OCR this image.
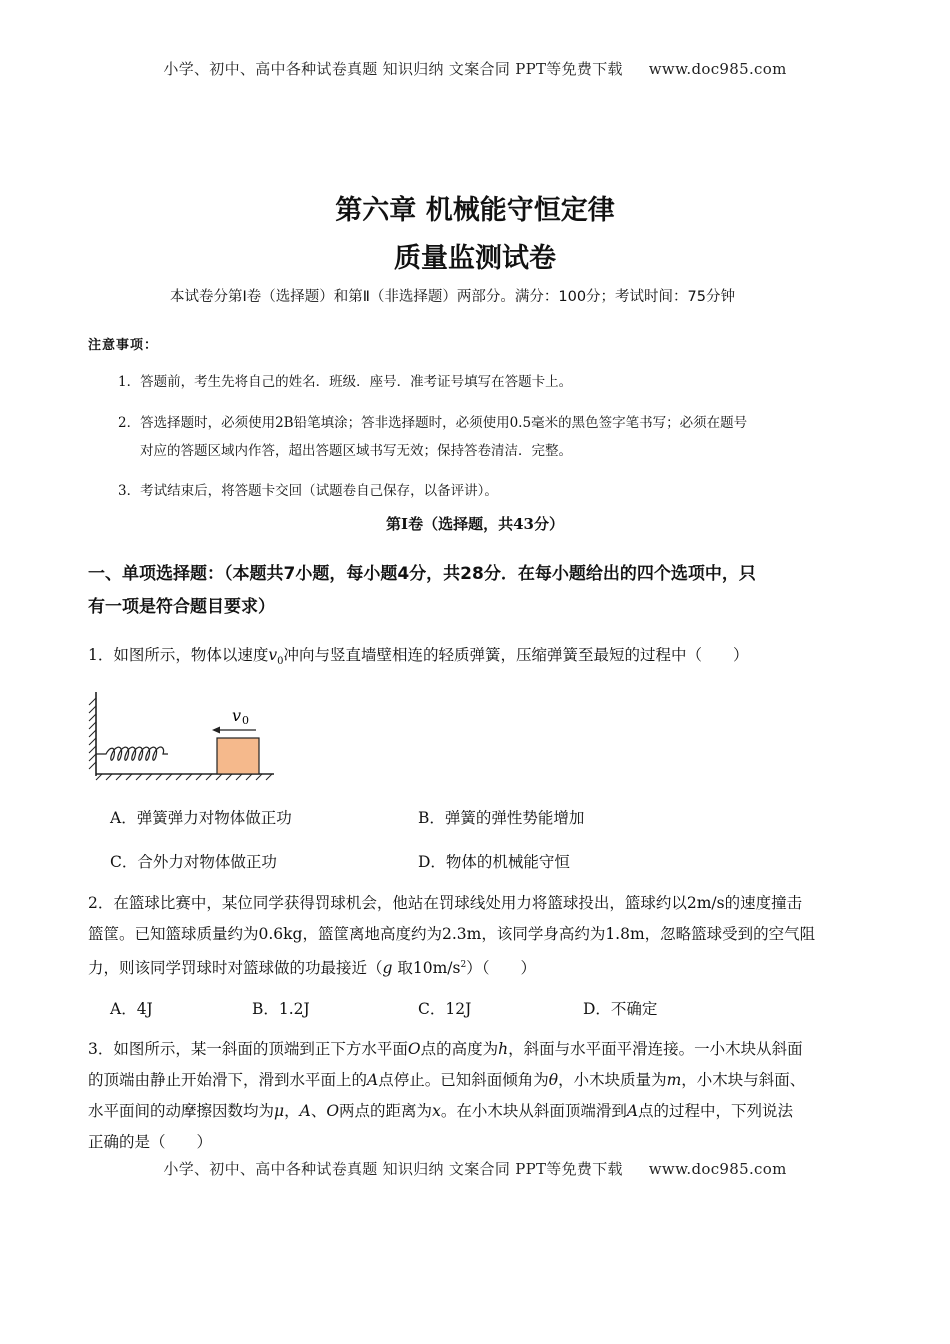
小学、初中、高中各种试卷真题 知识归纳 文案合同 PPT等免费下载 www.doc985.com
第六章 机械能守恒定律
质量监测试卷
本试卷分第Ⅰ卷（选择题）和第Ⅱ（非选择题）两部分。满分：100分；考试时间：75分钟
注意事项：
1．答题前，考生先将自己的姓名．班级．座号．准考证号填写在答题卡上。
2．答选择题时，必须使用2B铅笔填涂；答非选择题时，必须使用0.5毫米的黑色签字笔书写；必须在题号
对应的答题区域内作答，超出答题区域书写无效；保持答卷清洁．完整。
3．考试结束后，将答题卡交回（试题卷自己保存，以备评讲）。
第Ⅰ卷（选择题，共43分）
一、单项选择题：（本题共7小题，每小题4分，共28分．在每小题给出的四个选项中，只
有一项是符合题目要求）
1．如图所示，物体以速度$v_0$冲向与竖直墙壁相连的轻质弹簧，压缩弹簧至最短的过程中（　　）
v 0
A．弹簧弹力对物体做正功	B．弹簧的弹性势能增加
C．合外力对物体做正功	D．物体的机械能守恒
2．在篮球比赛中，某位同学获得罚球机会，他站在罚球线处用力将篮球投出，篮球约以2m/s的速度撞击
篮筐。已知篮球质量约为0.6kg，篮筐离地高度约为2.3m，该同学身高约为1.8m，忽略篮球受到的空气阻
力，则该同学罚球时对篮球做的功最接近（g 取$10m/s^2$）（　　）
A．4J	B．1.2J	C．12J	D．不确定
3．如图所示，某一斜面的顶端到正下方水平面O点的高度为h，斜面与水平面平滑连接。一小木块从斜面
的顶端由静止开始滑下，滑到水平面上的A点停止。已知斜面倾角为θ，小木块质量为m，小木块与斜面、
水平面间的动摩擦因数均为μ，A、O两点的距离为x。在小木块从斜面顶端滑到A点的过程中，下列说法
正确的是（　　）
小学、初中、高中各种试卷真题 知识归纳 文案合同 PPT等免费下载 www.doc985.com
